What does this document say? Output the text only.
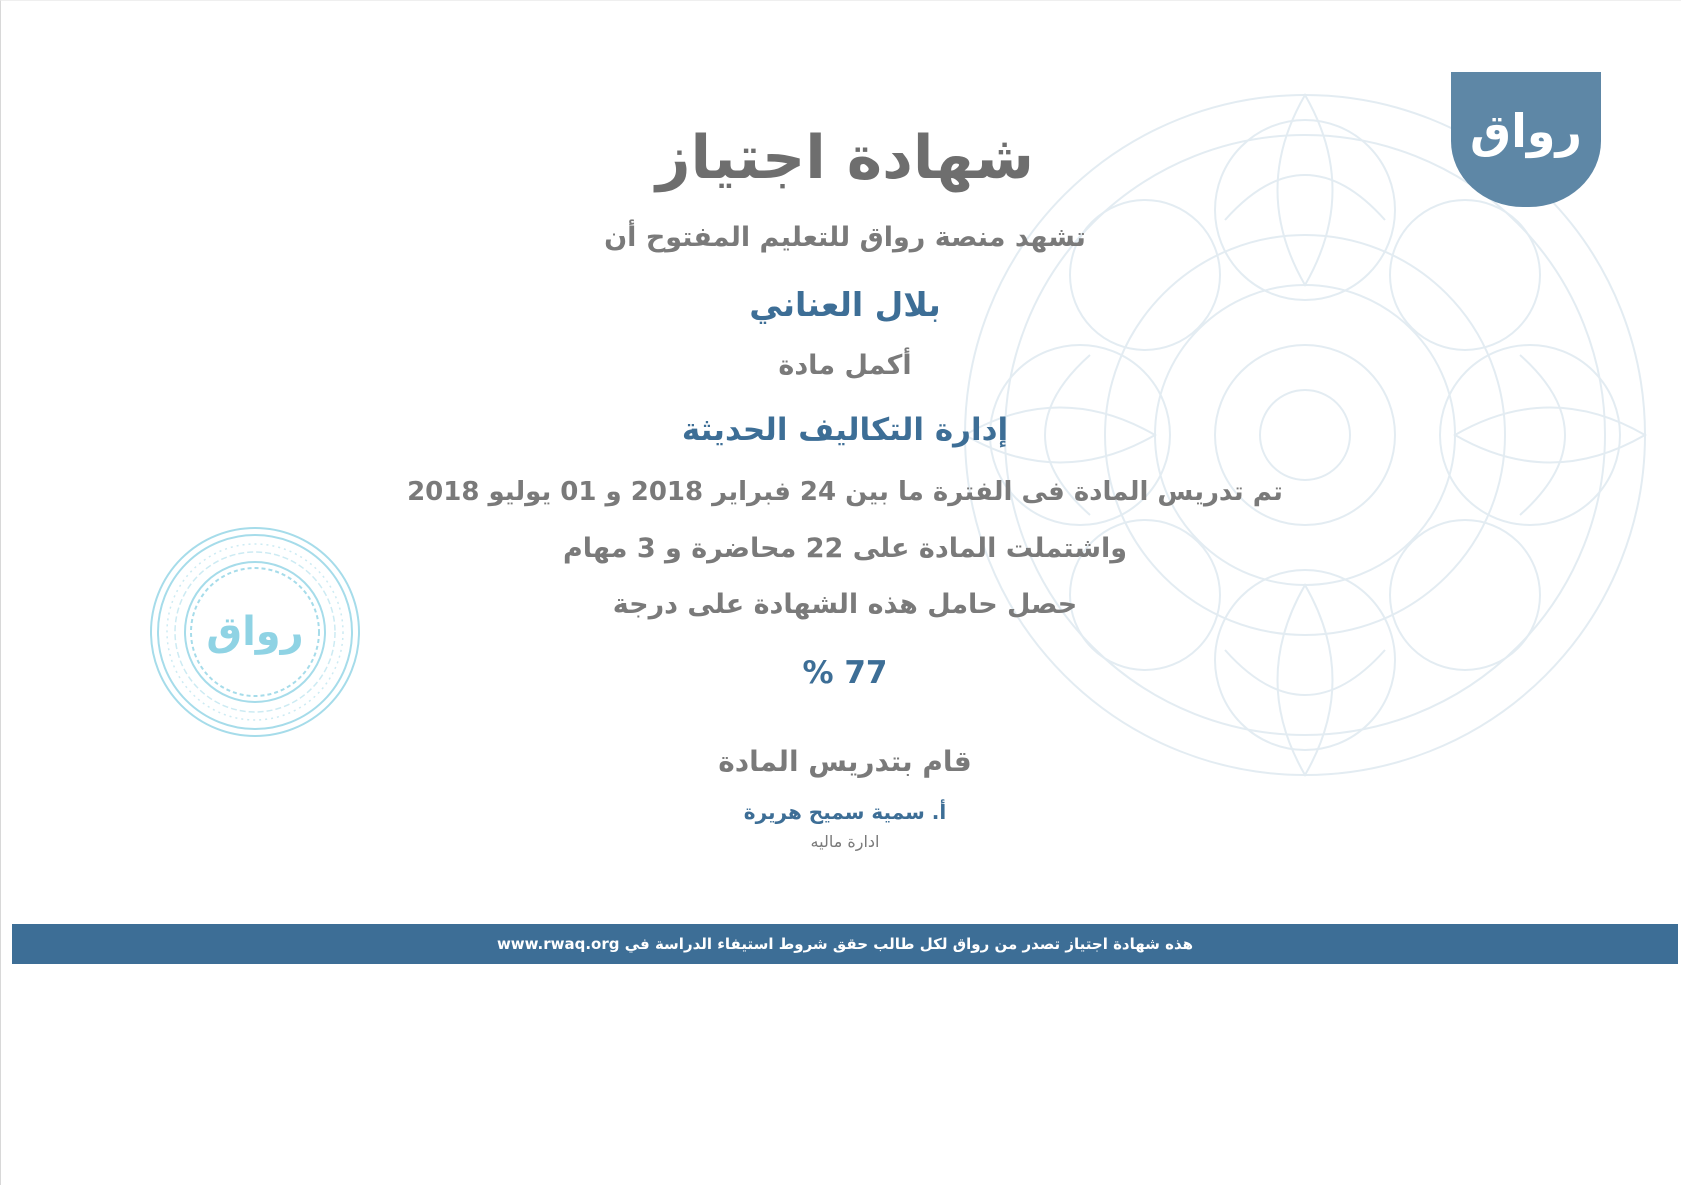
رواق
رواق
شهادة اجتياز
تشهد منصة رواق للتعليم المفتوح أن
بلال العناني
أكمل مادة
إدارة التكاليف الحديثة
تم تدريس المادة فى الفترة ما بين 24 فبراير 2018 و 01 يوليو 2018
واشتملت المادة على 22 محاضرة و 3 مهام
حصل حامل هذه الشهادة على درجة
% 77
قام بتدريس المادة
أ. سمية سميح هريرة
ادارة ماليه
هذه شهادة اجتياز تصدر من رواق لكل طالب حقق شروط استيفاء الدراسة في www.rwaq.org
